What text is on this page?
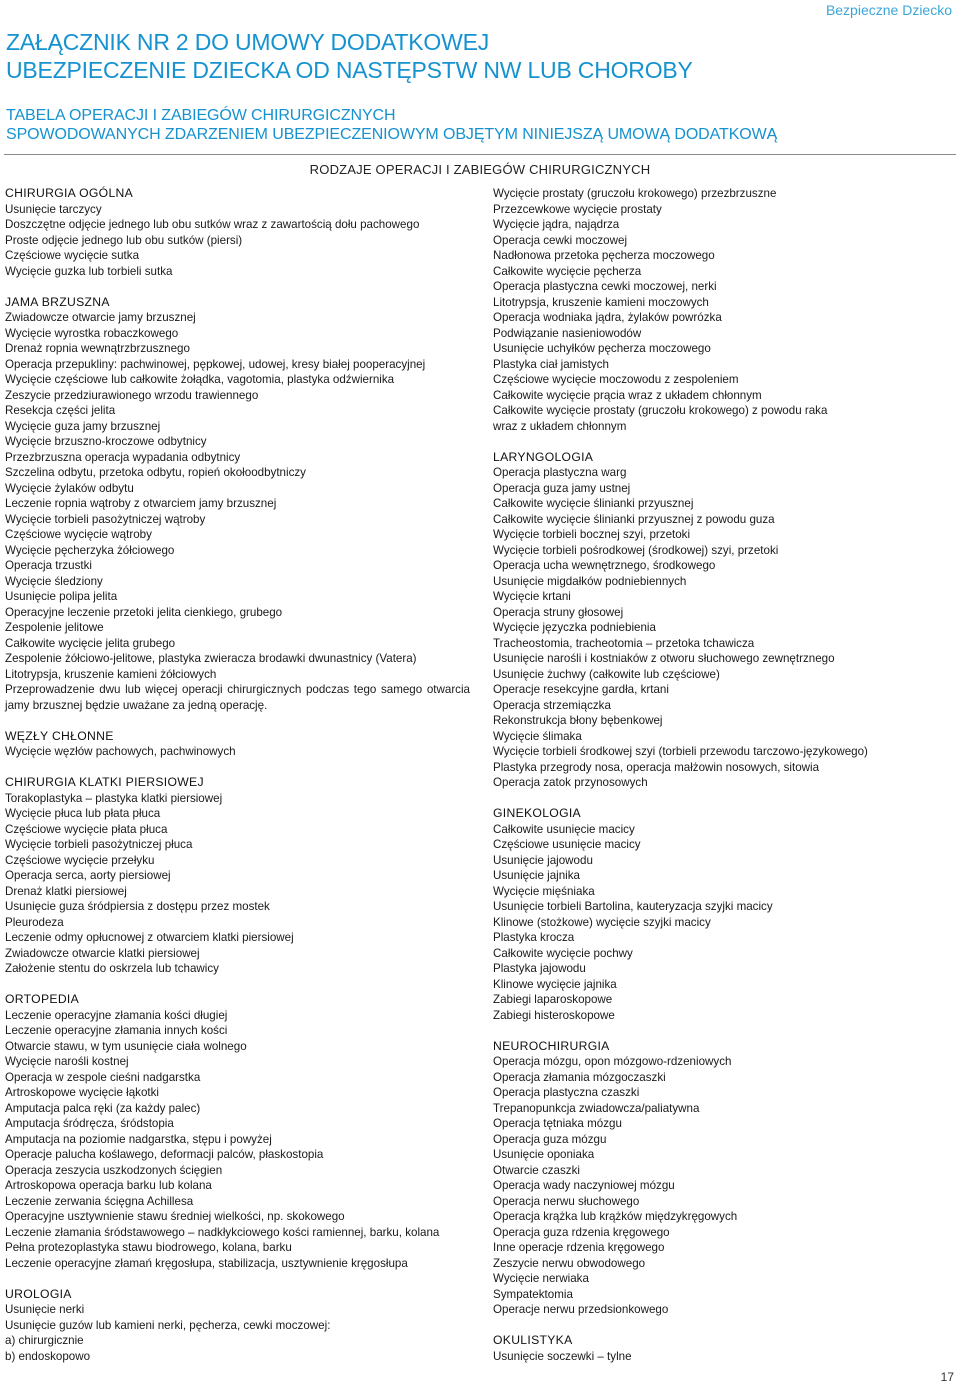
Bezpieczne Dziecko
ZAŁĄCZNIK NR 2 DO UMOWY DODATKOWEJ
UBEZPIECZENIE DZIECKA OD NASTĘPSTW NW LUB CHOROBY
TABELA OPERACJI I ZABIEGÓW CHIRURGICZNYCH
SPOWODOWANYCH ZDARZENIEM UBEZPIECZENIOWYM OBJĘTYM NINIEJSZĄ UMOWĄ DODATKOWĄ
RODZAJE OPERACJI I ZABIEGÓW CHIRURGICZNYCH
CHIRURGIA OGÓLNA
Usunięcie tarczycy
Doszczętne odjęcie jednego lub obu sutków wraz z zawartością dołu pachowego
Proste odjęcie jednego lub obu sutków (piersi)
Częściowe wycięcie sutka
Wycięcie guzka lub torbieli sutka
JAMA BRZUSZNA
Zwiadowcze otwarcie jamy brzusznej
Wycięcie wyrostka robaczkowego
Drenaż ropnia wewnątrzbrzusznego
Operacja przepukliny: pachwinowej, pępkowej, udowej, kresy białej pooperacyjnej
Wycięcie częściowe lub całkowite żołądka, vagotomia, plastyka odźwiernika
Zeszycie przedziurawionego wrzodu trawiennego
Resekcja części jelita
Wycięcie guza jamy brzusznej
Wycięcie brzuszno-kroczowe odbytnicy
Przezbrzuszna operacja wypadania odbytnicy
Szczelina odbytu, przetoka odbytu, ropień okołoodbytniczy
Wycięcie żylaków odbytu
Leczenie ropnia wątroby z otwarciem jamy brzusznej
Wycięcie torbieli pasożytniczej wątroby
Częściowe wycięcie wątroby
Wycięcie pęcherzyka żółciowego
Operacja trzustki
Wycięcie śledziony
Usunięcie polipa jelita
Operacyjne leczenie przetoki jelita cienkiego, grubego
Zespolenie jelitowe
Całkowite wycięcie jelita grubego
Zespolenie żółciowo-jelitowe, plastyka zwieracza brodawki dwunastnicy (Vatera)
Litotrypsja, kruszenie kamieni żółciowych
Przeprowadzenie dwu lub więcej operacji chirurgicznych podczas tego samego otwarcia jamy brzusznej będzie uważane za jedną operację.
WĘZŁY CHŁONNE
Wycięcie węzłów pachowych, pachwinowych
CHIRURGIA KLATKI PIERSIOWEJ
Torakoplastyka – plastyka klatki piersiowej
Wycięcie płuca lub płata płuca
Częściowe wycięcie płata płuca
Wycięcie torbieli pasożytniczej płuca
Częściowe wycięcie przełyku
Operacja serca, aorty piersiowej
Drenaż klatki piersiowej
Usunięcie guza śródpiersia z dostępu przez mostek
Pleurodeza
Leczenie odmy opłucnowej z otwarciem klatki piersiowej
Zwiadowcze otwarcie klatki piersiowej
Założenie stentu do oskrzela lub tchawicy
ORTOPEDIA
Leczenie operacyjne złamania kości długiej
Leczenie operacyjne złamania innych kości
Otwarcie stawu, w tym usunięcie ciała wolnego
Wycięcie narośli kostnej
Operacja w zespole cieśni nadgarstka
Artroskopowe wycięcie łąkotki
Amputacja palca ręki (za każdy palec)
Amputacja śródręcza, śródstopia
Amputacja na poziomie nadgarstka, stępu i powyżej
Operacje palucha koślawego, deformacji palców, płaskostopia
Operacja zeszycia uszkodzonych ścięgien
Artroskopowa operacja barku lub kolana
Leczenie zerwania ścięgna Achillesa
Operacyjne usztywnienie stawu średniej wielkości, np. skokowego
Leczenie złamania śródstawowego – nadkłykciowego kości ramiennej, barku, kolana
Pełna protezoplastyka stawu biodrowego, kolana, barku
Leczenie operacyjne złamań kręgosłupa, stabilizacja, usztywnienie kręgosłupa
UROLOGIA
Usunięcie nerki
Usunięcie guzów lub kamieni nerki, pęcherza, cewki moczowej:
a) chirurgicznie
b) endoskopowo
Wycięcie prostaty (gruczołu krokowego) przezbrzuszne
Przezcewkowe wycięcie prostaty
Wycięcie jądra, najądrza
Operacja cewki moczowej
Nadłonowa przetoka pęcherza moczowego
Całkowite wycięcie pęcherza
Operacja plastyczna cewki moczowej, nerki
Litotrypsja, kruszenie kamieni moczowych
Operacja wodniaka jądra, żylaków powrózka
Podwiązanie nasieniowodów
Usunięcie uchyłków pęcherza moczowego
Plastyka ciał jamistych
Częściowe wycięcie moczowodu z zespoleniem
Całkowite wycięcie prącia wraz z układem chłonnym
Całkowite wycięcie prostaty (gruczołu krokowego) z powodu raka
wraz z układem chłonnym
LARYNGOLOGIA
Operacja plastyczna warg
Operacja guza jamy ustnej
Całkowite wycięcie ślinianki przyusznej
Całkowite wycięcie ślinianki przyusznej z powodu guza
Wycięcie torbieli bocznej szyi, przetoki
Wycięcie torbieli pośrodkowej (środkowej) szyi, przetoki
Operacja ucha wewnętrznego, środkowego
Usunięcie migdałków podniebiennych
Wycięcie krtani
Operacja struny głosowej
Wycięcie języczka podniebienia
Tracheostomia, tracheotomia – przetoka tchawicza
Usunięcie narośli i kostniaków z otworu słuchowego zewnętrznego
Usunięcie żuchwy (całkowite lub częściowe)
Operacje resekcyjne gardła, krtani
Operacja strzemiączka
Rekonstrukcja błony bębenkowej
Wycięcie ślimaka
Wycięcie torbieli środkowej szyi (torbieli przewodu tarczowo-językowego)
Plastyka przegrody nosa, operacja małżowin nosowych, sitowia
Operacja zatok przynosowych
GINEKOLOGIA
Całkowite usunięcie macicy
Częściowe usunięcie macicy
Usunięcie jajowodu
Usunięcie jajnika
Wycięcie mięśniaka
Usunięcie torbieli Bartolina, kauteryzacja szyjki macicy
Klinowe (stożkowe) wycięcie szyjki macicy
Plastyka krocza
Całkowite wycięcie pochwy
Plastyka jajowodu
Klinowe wycięcie jajnika
Zabiegi laparoskopowe
Zabiegi histeroskopowe
NEUROCHIRURGIA
Operacja mózgu, opon mózgowo-rdzeniowych
Operacja złamania mózgoczaszki
Operacja plastyczna czaszki
Trepanopunkcja zwiadowcza/paliatywna
Operacja tętniaka mózgu
Operacja guza mózgu
Usunięcie oponiaka
Otwarcie czaszki
Operacja wady naczyniowej mózgu
Operacja nerwu słuchowego
Operacja krążka lub krążków międzykręgowych
Operacja guza rdzenia kręgowego
Inne operacje rdzenia kręgowego
Zeszycie nerwu obwodowego
Wycięcie nerwiaka
Sympatektomia
Operacje nerwu przedsionkowego
OKULISTYKA
Usunięcie soczewki – tylne
17
